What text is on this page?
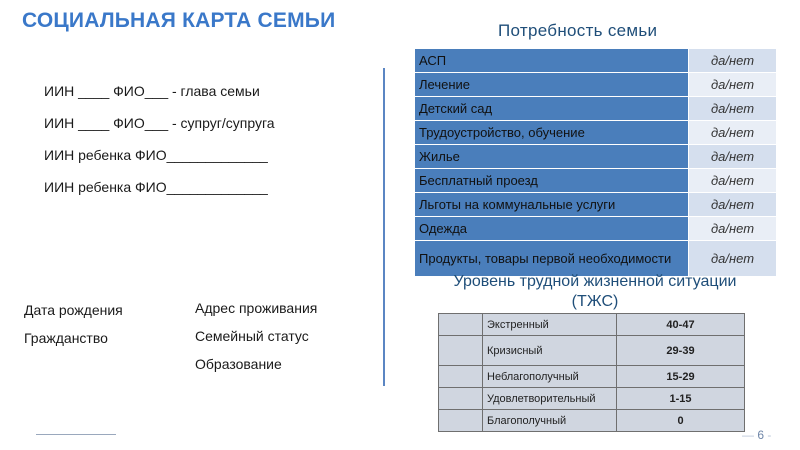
СОЦИАЛЬНАЯ КАРТА СЕМЬИ
ИИН ____ ФИО___ - глава семьи
ИИН ____ ФИО___ - супруг/супруга
ИИН ребенка ФИО_____________
ИИН ребенка ФИО_____________
Дата рождения
Гражданство
Адрес проживания
Семейный статус
Образование
Потребность семьи
АСП	да/нет
Лечение	да/нет
Детский сад	да/нет
Трудоустройство, обучение	да/нет
Жилье	да/нет
Бесплатный проезд	да/нет
Льготы на коммунальные услуги	да/нет
Одежда	да/нет
Продукты, товары первой необходимости	да/нет
Уровень трудной жизненной ситуации (ТЖС)
	Экстренный	40-47

	Кризисный	29-39

	Неблагополучный	15-29

	Удовлетворительный	1-15

	Благополучный	0
— 6 -
